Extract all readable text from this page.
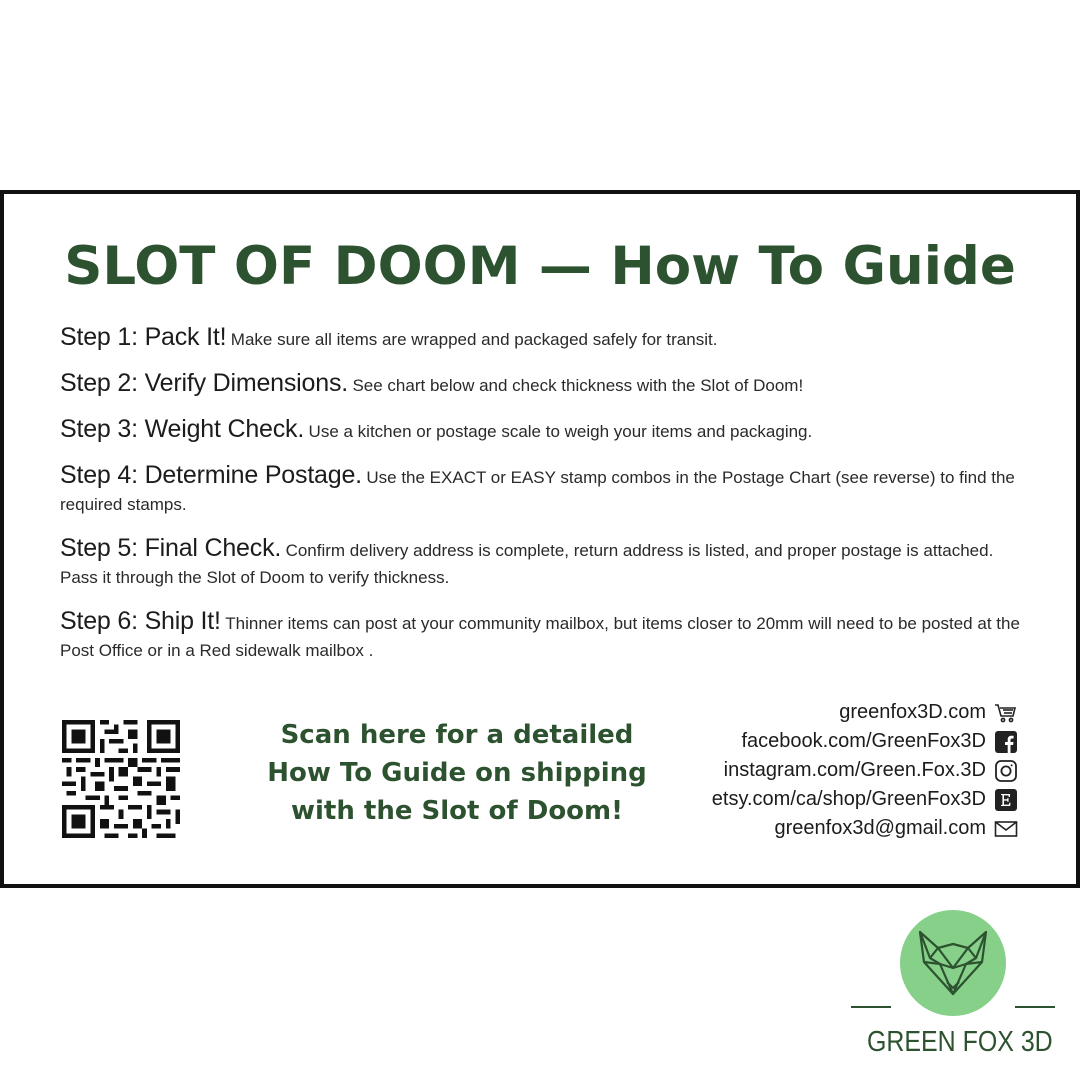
SLOT OF DOOM — How To Guide
Step 1: Pack It! Make sure all items are wrapped and packaged safely for transit.
Step 2: Verify Dimensions. See chart below and check thickness with the Slot of Doom!
Step 3: Weight Check. Use a kitchen or postage scale to weigh your items and packaging.
Step 4: Determine Postage. Use the EXACT or EASY stamp combos in the Postage Chart (see reverse) to find the required stamps.
Step 5: Final Check. Confirm delivery address is complete, return address is listed, and proper postage is attached. Pass it through the Slot of Doom to verify thickness.
Step 6: Ship It! Thinner items can post at your community mailbox, but items closer to 20mm will need to be posted at the Post Office or in a Red sidewalk mailbox .
Scan here for a detailed
How To Guide on shipping
with the Slot of Doom!
greenfox3D.com
facebook.com/GreenFox3D
instagram.com/Green.Fox.3D
etsy.com/ca/shop/GreenFox3D
greenfox3d@gmail.com
GREEN FOX 3D
